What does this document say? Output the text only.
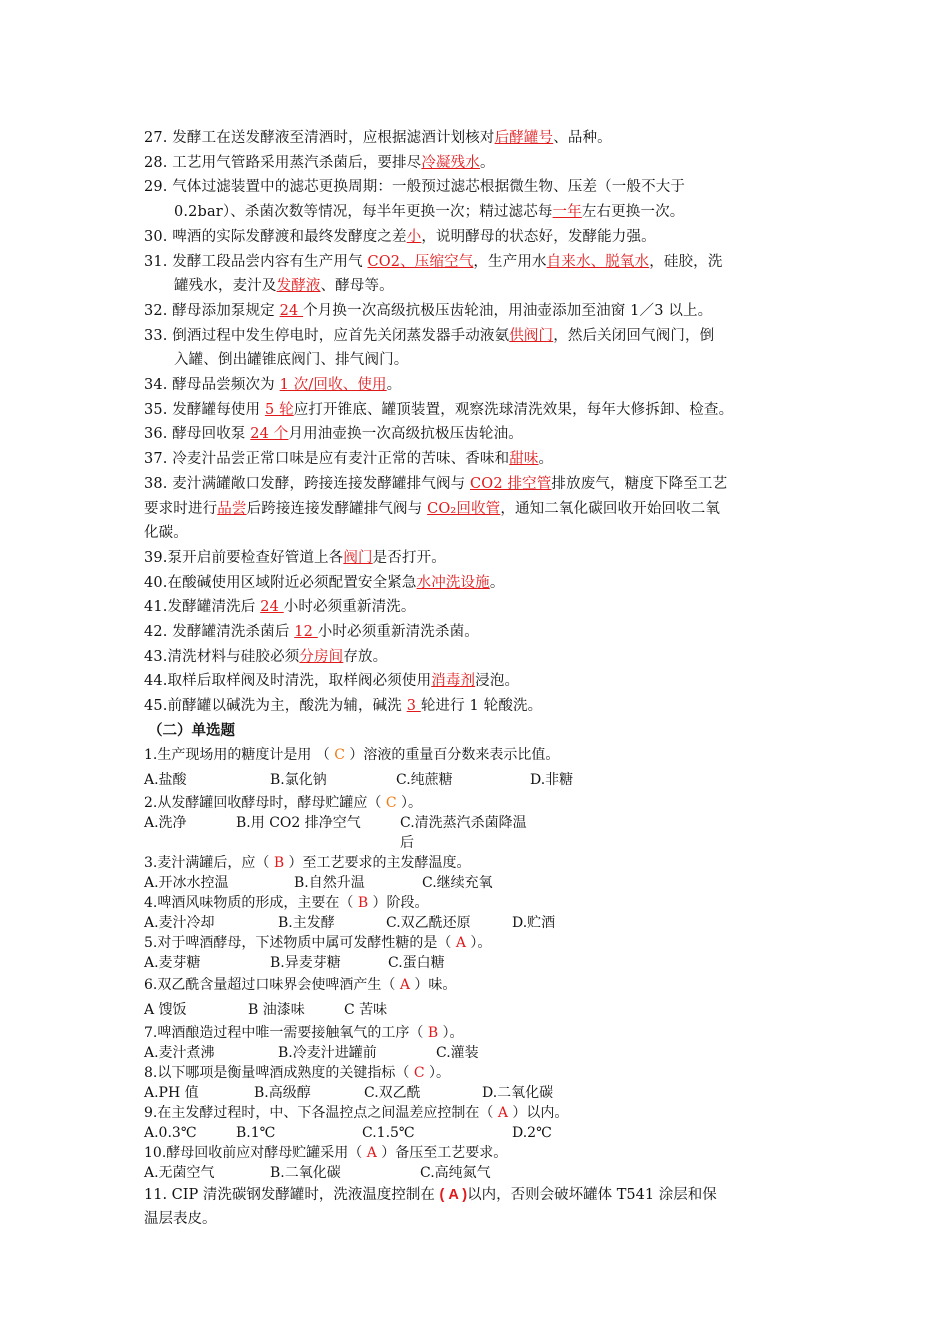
27. 发酵工在送发酵液至清酒时，应根据滤酒计划核对后酵罐号、品种。

28. 工艺用气管路采用蒸汽杀菌后，要排尽冷凝残水。

29. 气体过滤装置中的滤芯更换周期：一般预过滤芯根据微生物、压差（一般不大于

0.2bar）、杀菌次数等情况，每半年更换一次；精过滤芯每一年左右更换一次。

30. 啤酒的实际发酵渡和最终发酵度之差小，说明酵母的状态好，发酵能力强。

31. 发酵工段品尝内容有生产用气 CO2、压缩空气，生产用水自来水、脱氧水，硅胶，洗

罐残水，麦汁及发酵液、酵母等。

32. 酵母添加泵规定 24 个月换一次高级抗极压齿轮油，用油壶添加至油窗 1／3 以上。

33. 倒酒过程中发生停电时，应首先关闭蒸发器手动液氨供阀门，然后关闭回气阀门，倒

入罐、倒出罐锥底阀门、排气阀门。

34. 酵母品尝频次为 1 次/回收、使用。

35. 发酵罐每使用 5 轮应打开锥底、罐顶装置，观察洗球清洗效果，每年大修拆卸、检查。

36. 酵母回收泵 24 个月用油壶换一次高级抗极压齿轮油。

37. 冷麦汁品尝正常口味是应有麦汁正常的苦味、香味和甜味。

38. 麦汁满罐敞口发酵，跨接连接发酵罐排气阀与 CO2 排空管排放废气，糖度下降至工艺

要求时进行品尝后跨接连接发酵罐排气阀与 CO₂回收管，通知二氧化碳回收开始回收二氧

化碳。

39.泵开启前要检查好管道上各阀门是否打开。

40.在酸碱使用区域附近必须配置安全紧急水冲洗设施。

41.发酵罐清洗后 24 小时必须重新清洗。

42. 发酵罐清洗杀菌后 12 小时必须重新清洗杀菌。

43.清洗材料与硅胶必须分房间存放。

44.取样后取样阀及时清洗，取样阀必须使用消毒剂浸泡。

45.前酵罐以碱洗为主，酸洗为辅，碱洗 3 轮进行 1 轮酸洗。

（二）单选题

1.生产现场用的糖度计是用 （ C ）溶液的重量百分数来表示比值。
A.盐酸	B.氯化钠	C.纯蔗糖	D.非糖
2.从发酵罐回收酵母时，酵母贮罐应（ C ）。
A.洗净	B.用 CO2 排净空气	C.清洗蒸汽杀菌降温后
3.麦汁满罐后，应（ B ）至工艺要求的主发酵温度。
A.开冰水控温	B.自然升温	C.继续充氧
4.啤酒风味物质的形成，主要在（ B ）阶段。
A.麦汁冷却	B.主发酵	C.双乙酰还原	D.贮酒
5.对于啤酒酵母，下述物质中属可发酵性糖的是（ A ）。
A.麦芽糖	B.异麦芽糖	C.蛋白糖
6.双乙酰含量超过口味界会使啤酒产生（ A ）味。
A 馊饭	B 油漆味	C 苦味
7.啤酒酿造过程中唯一需要接触氧气的工序（ B ）。
A.麦汁煮沸	B.冷麦汁进罐前	C.灌装
8.以下哪项是衡量啤酒成熟度的关键指标（ C ）。
A.PH 值	B.高级醇	C.双乙酰	D.二氧化碳
9.在主发酵过程时，中、下各温控点之间温差应控制在（ A ）以内。
A.0.3℃	B.1℃	C.1.5℃	D.2℃
10.酵母回收前应对酵母贮罐采用（ A ）备压至工艺要求。
A.无菌空气	B.二氧化碳	C.高纯氮气
11. CIP 清洗碳钢发酵罐时，洗液温度控制在 ( A )以内，否则会破坏罐体 T541 涂层和保
温层表皮。
